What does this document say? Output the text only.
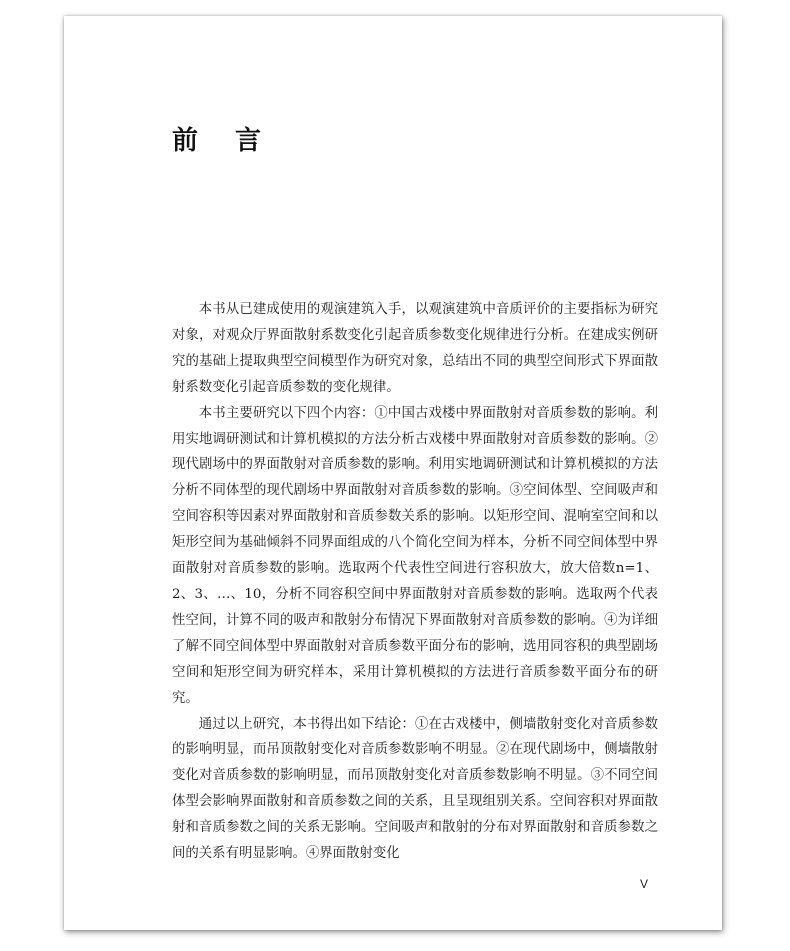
前 言

本书从已建成使用的观演建筑入手，以观演建筑中音质评价的主要指标为研究对象，对观众厅界面散射系数变化引起音质参数变化规律进行分析。在建成实例研究的基础上提取典型空间模型作为研究对象，总结出不同的典型空间形式下界面散射系数变化引起音质参数的变化规律。

本书主要研究以下四个内容：①中国古戏楼中界面散射对音质参数的影响。利用实地调研测试和计算机模拟的方法分析古戏楼中界面散射对音质参数的影响。②现代剧场中的界面散射对音质参数的影响。利用实地调研测试和计算机模拟的方法分析不同体型的现代剧场中界面散射对音质参数的影响。③空间体型、空间吸声和空间容积等因素对界面散射和音质参数关系的影响。以矩形空间、混响室空间和以矩形空间为基础倾斜不同界面组成的八个简化空间为样本，分析不同空间体型中界面散射对音质参数的影响。选取两个代表性空间进行容积放大，放大倍数n=1、2、3、…、10，分析不同容积空间中界面散射对音质参数的影响。选取两个代表性空间，计算不同的吸声和散射分布情况下界面散射对音质参数的影响。④为详细了解不同空间体型中界面散射对音质参数平面分布的影响，选用同容积的典型剧场空间和矩形空间为研究样本，采用计算机模拟的方法进行音质参数平面分布的研究。

通过以上研究，本书得出如下结论：①在古戏楼中，侧墙散射变化对音质参数的影响明显，而吊顶散射变化对音质参数影响不明显。②在现代剧场中，侧墙散射变化对音质参数的影响明显，而吊顶散射变化对音质参数影响不明显。③不同空间体型会影响界面散射和音质参数之间的关系，且呈现组别关系。空间容积对界面散射和音质参数之间的关系无影响。空间吸声和散射的分布对界面散射和音质参数之间的关系有明显影响。④界面散射变化

V
